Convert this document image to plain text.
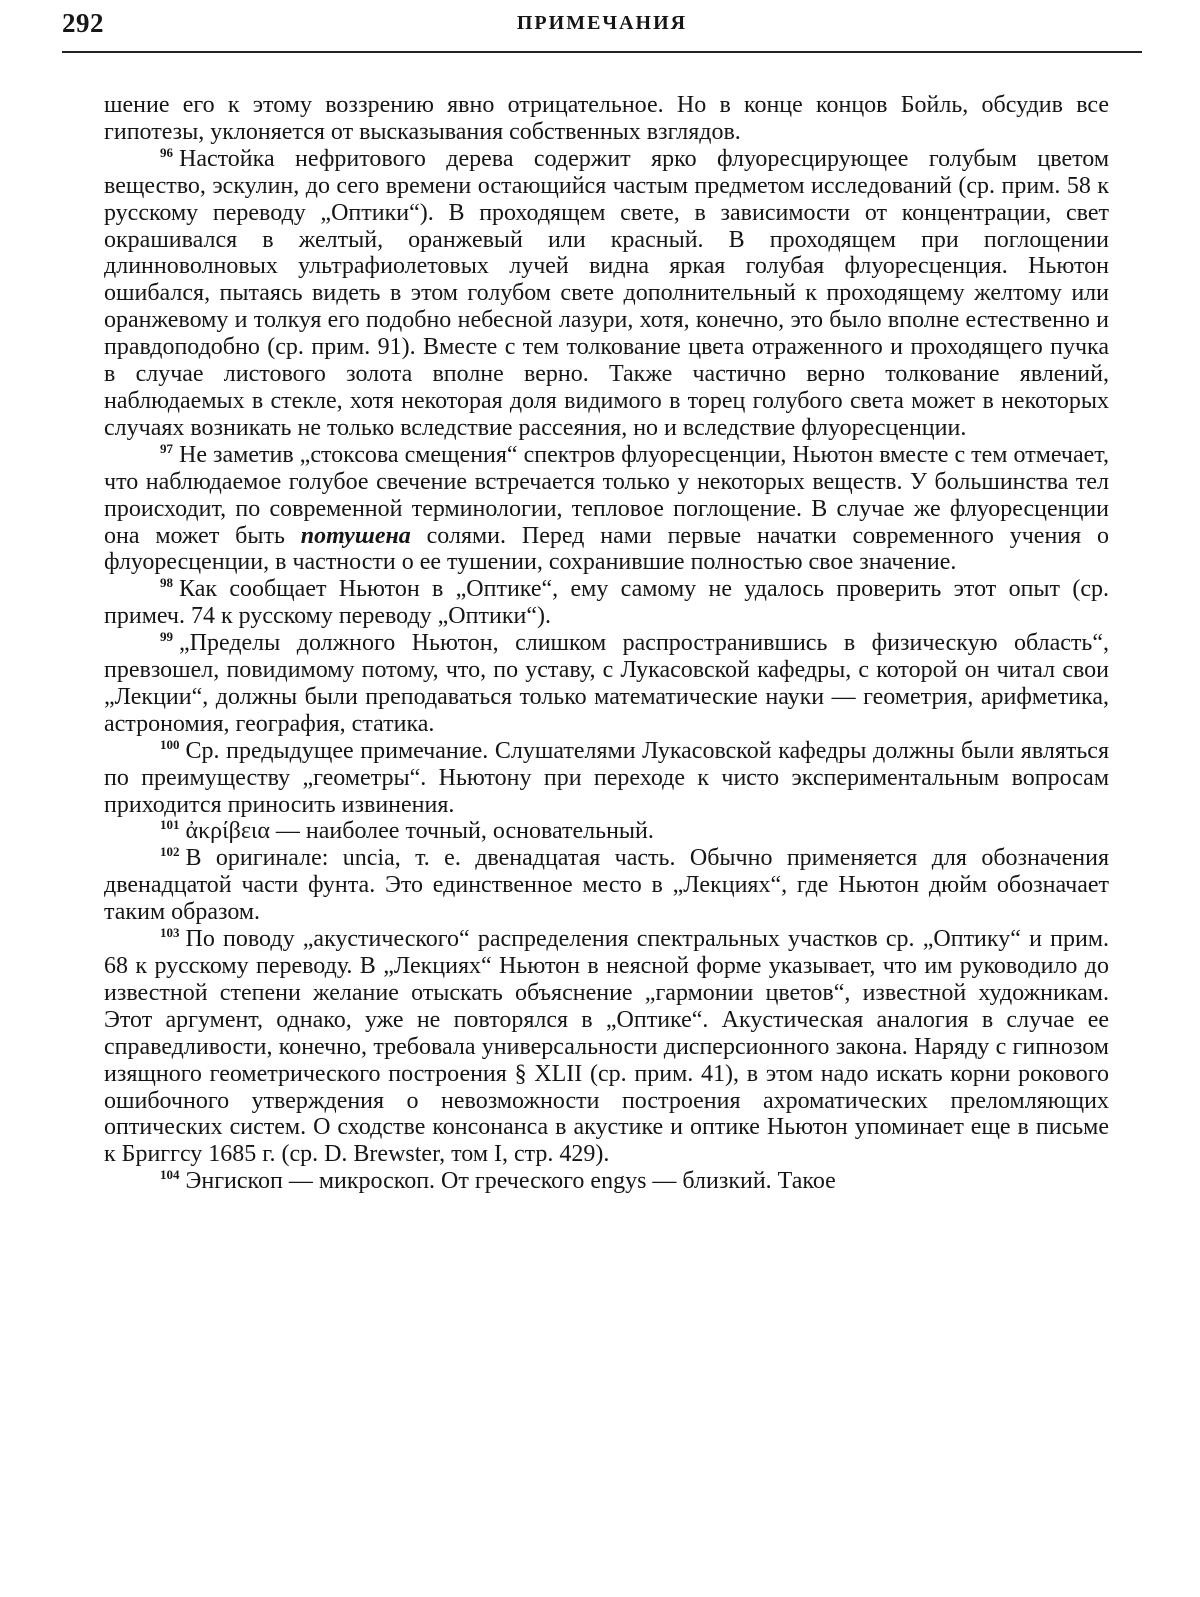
292	ПРИМЕЧАНИЯ

шение его к этому воззрению явно отрицательное. Но в конце концов Бойль, обсудив все гипотезы, уклоняется от высказывания собственных взглядов.

$^{96}$ Настойка нефритового дерева содержит ярко флуоресцирующее голубым цветом вещество, эскулин, до сего времени остающийся частым предметом исследований (ср. прим. 58 к русскому переводу „Оптики“). В проходящем свете, в зависимости от концентрации, свет окрашивался в желтый, оранжевый или красный. В проходящем при поглощении длинноволновых ультрафиолетовых лучей видна яркая голубая флуоресценция. Ньютон ошибался, пытаясь видеть в этом голубом свете дополнительный к проходящему желтому или оранжевому и толкуя его подобно небесной лазури, хотя, конечно, это было вполне естественно и правдоподобно (ср. прим. 91). Вместе с тем толкование цвета отраженного и проходящего пучка в случае листового золота вполне верно. Также частично верно толкование явлений, наблюдаемых в стекле, хотя некоторая доля видимого в торец голубого света может в некоторых случаях возникать не только вследствие рассеяния, но и вследствие флуоресценции.

$^{97}$ Не заметив „стоксова смещения“ спектров флуоресценции, Ньютон вместе с тем отмечает, что наблюдаемое голубое свечение встречается только у некоторых веществ. У большинства тел происходит, по современной терминологии, тепловое поглощение. В случае же флуоресценции она может быть потушена солями. Перед нами первые начатки современного учения о флуоресценции, в частности о ее тушении, сохранившие полностью свое значение.

$^{98}$ Как сообщает Ньютон в „Оптике“, ему самому не удалось проверить этот опыт (ср. примеч. 74 к русскому переводу „Оптики“).

$^{99}$ „Пределы должного Ньютон, слишком распространившись в физическую область“, превзошел, повидимому потому, что, по уставу, с Лукасовской кафедры, с которой он читал свои „Лекции“, должны были преподаваться только математические науки — геометрия, арифметика, астрономия, география, статика.

$^{100}$ Ср. предыдущее примечание. Слушателями Лукасовской кафедры должны были являться по преимуществу „геометры“. Ньютону при переходе к чисто экспериментальным вопросам приходится приносить извинения.

$^{101}$ ἀκρίβεια — наиболее точный, основательный.

$^{102}$ В оригинале: uncia, т. е. двенадцатая часть. Обычно применяется для обозначения двенадцатой части фунта. Это единственное место в „Лекциях“, где Ньютон дюйм обозначает таким образом.

$^{103}$ По поводу „акустического“ распределения спектральных участков ср. „Оптику“ и прим. 68 к русскому переводу. В „Лекциях“ Ньютон в неясной форме указывает, что им руководило до известной степени желание отыскать объяснение „гармонии цветов“, известной художникам. Этот аргумент, однако, уже не повторялся в „Оптике“. Акустическая аналогия в случае ее справедливости, конечно, требовала универсальности дисперсионного закона. Наряду с гипнозом изящного геометрического построения § XLII (ср. прим. 41), в этом надо искать корни рокового ошибочного утверждения о невозможности построения ахроматических преломляющих оптических систем. О сходстве консонанса в акустике и оптике Ньютон упоминает еще в письме к Бриггсу 1685 г. (ср. D. Brewster, том I, стр. 429).

$^{104}$ Энгископ — микроскоп. От греческого engys — близкий. Такое
